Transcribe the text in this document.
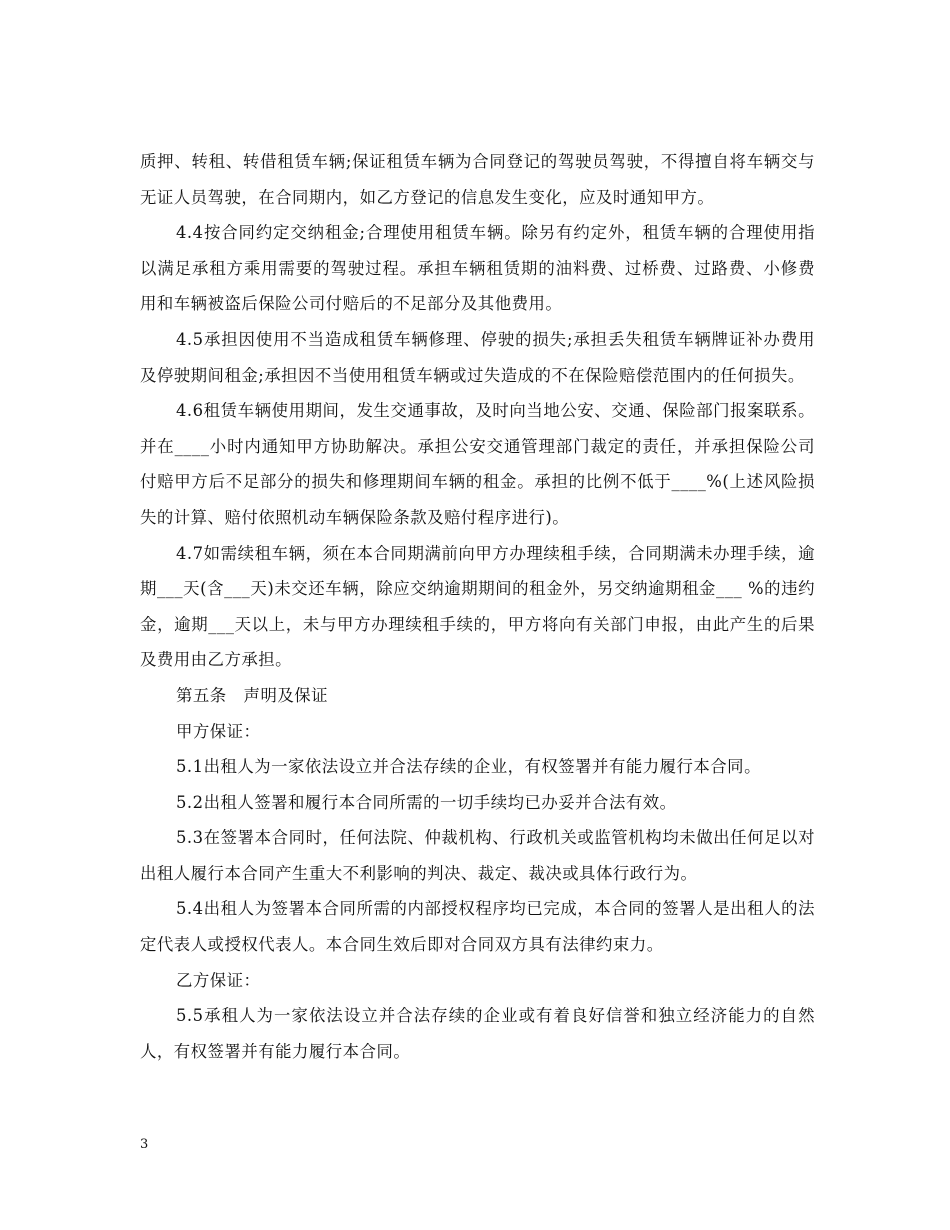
质押、转租、转借租赁车辆;保证租赁车辆为合同登记的驾驶员驾驶，不得擅自将车辆交与无证人员驾驶，在合同期内，如乙方登记的信息发生变化，应及时通知甲方。

4.4按合同约定交纳租金;合理使用租赁车辆。除另有约定外，租赁车辆的合理使用指以满足承租方乘用需要的驾驶过程。承担车辆租赁期的油料费、过桥费、过路费、小修费用和车辆被盗后保险公司付赔后的不足部分及其他费用。

4.5承担因使用不当造成租赁车辆修理、停驶的损失;承担丢失租赁车辆牌证补办费用及停驶期间租金;承担因不当使用租赁车辆或过失造成的不在保险赔偿范围内的任何损失。

4.6租赁车辆使用期间，发生交通事故，及时向当地公安、交通、保险部门报案联系。并在____小时内通知甲方协助解决。承担公安交通管理部门裁定的责任，并承担保险公司付赔甲方后不足部分的损失和修理期间车辆的租金。承担的比例不低于____%(上述风险损失的计算、赔付依照机动车辆保险条款及赔付程序进行)。

4.7如需续租车辆，须在本合同期满前向甲方办理续租手续，合同期满未办理手续，逾期___天(含___天)未交还车辆，除应交纳逾期期间的租金外，另交纳逾期租金___ %的违约金，逾期___天以上，未与甲方办理续租手续的，甲方将向有关部门申报，由此产生的后果及费用由乙方承担。

第五条　声明及保证

甲方保证：

5.1出租人为一家依法设立并合法存续的企业，有权签署并有能力履行本合同。

5.2出租人签署和履行本合同所需的一切手续均已办妥并合法有效。

5.3在签署本合同时，任何法院、仲裁机构、行政机关或监管机构均未做出任何足以对出租人履行本合同产生重大不利影响的判决、裁定、裁决或具体行政行为。

5.4出租人为签署本合同所需的内部授权程序均已完成，本合同的签署人是出租人的法定代表人或授权代表人。本合同生效后即对合同双方具有法律约束力。

乙方保证：

5.5承租人为一家依法设立并合法存续的企业或有着良好信誉和独立经济能力的自然人，有权签署并有能力履行本合同。

3
